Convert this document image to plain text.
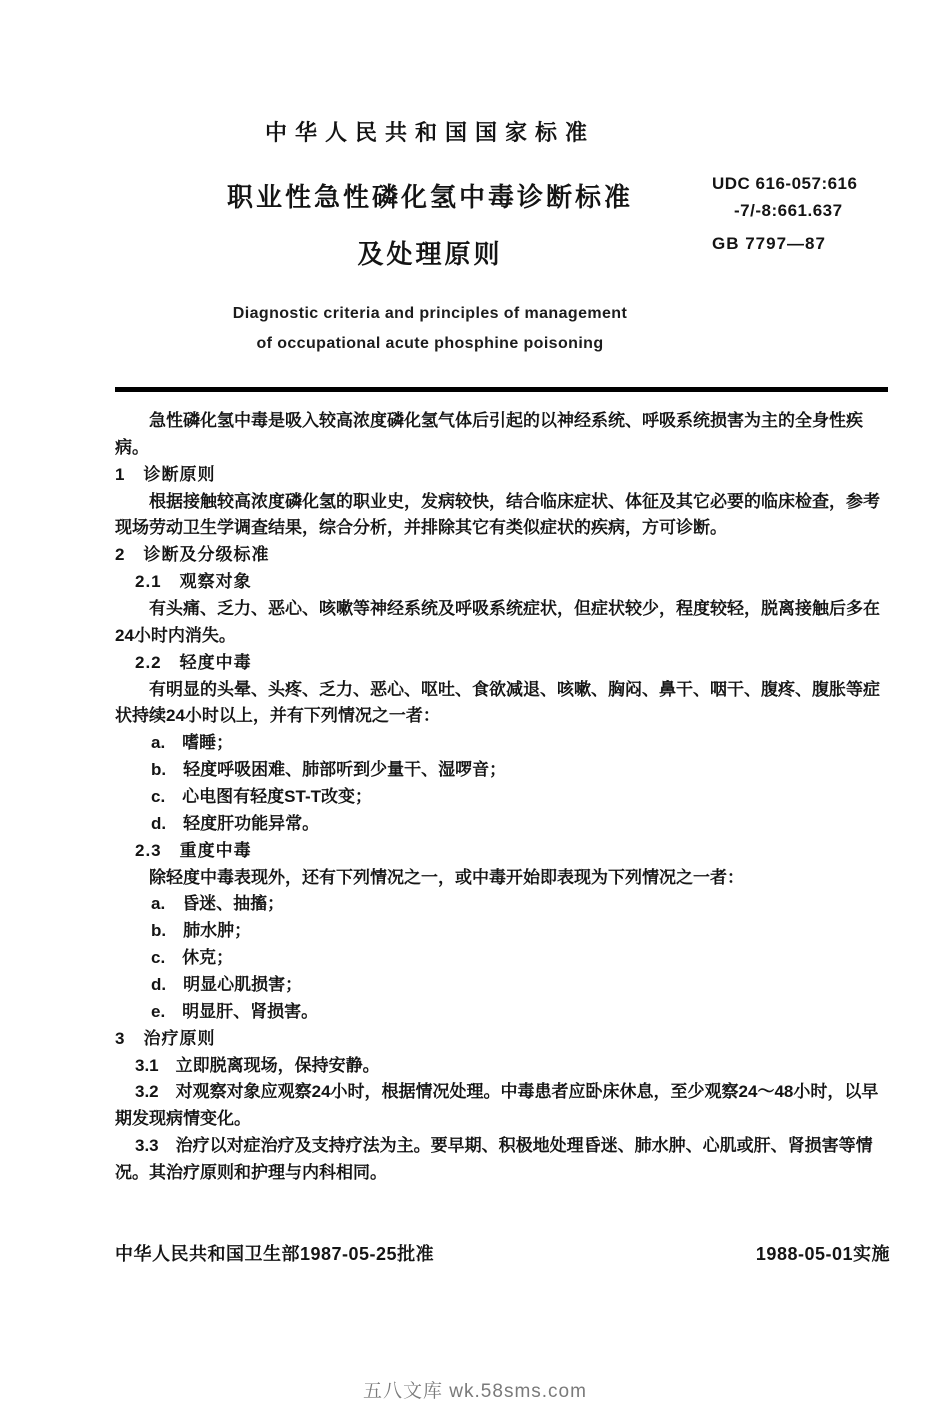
中华人民共和国国家标准
UDC 616-057:616
-7/-8:661.637
GB 7797—87
职业性急性磷化氢中毒诊断标准
及处理原则
Diagnostic criteria and principles of management
of occupational acute phosphine poisoning

急性磷化氢中毒是吸入较高浓度磷化氢气体后引起的以神经系统、呼吸系统损害为主的全身性疾病。

1　诊断原则

根据接触较高浓度磷化氢的职业史，发病较快，结合临床症状、体征及其它必要的临床检查，参考现场劳动卫生学调查结果，综合分析，并排除其它有类似症状的疾病，方可诊断。

2　诊断及分级标准

2.1　观察对象

有头痛、乏力、恶心、咳嗽等神经系统及呼吸系统症状，但症状较少，程度较轻，脱离接触后多在24小时内消失。

2.2　轻度中毒

有明显的头晕、头疼、乏力、恶心、呕吐、食欲减退、咳嗽、胸闷、鼻干、咽干、腹疼、腹胀等症状持续24小时以上，并有下列情况之一者：

a.　嗜睡；

b.　轻度呼吸困难、肺部听到少量干、湿啰音；

c.　心电图有轻度ST-T改变；

d.　轻度肝功能异常。

2.3　重度中毒

除轻度中毒表现外，还有下列情况之一，或中毒开始即表现为下列情况之一者：

a.　昏迷、抽搐；

b.　肺水肿；

c.　休克；

d.　明显心肌损害；

e.　明显肝、肾损害。

3　治疗原则

3.1　立即脱离现场，保持安静。

3.2　对观察对象应观察24小时，根据情况处理。中毒患者应卧床休息，至少观察24～48小时，以早期发现病情变化。

3.3　治疗以对症治疗及支持疗法为主。要早期、积极地处理昏迷、肺水肿、心肌或肝、肾损害等情况。其治疗原则和护理与内科相同。

中华人民共和国卫生部1987-05-25批准	1988-05-01实施
五八文库 wk.58sms.com
